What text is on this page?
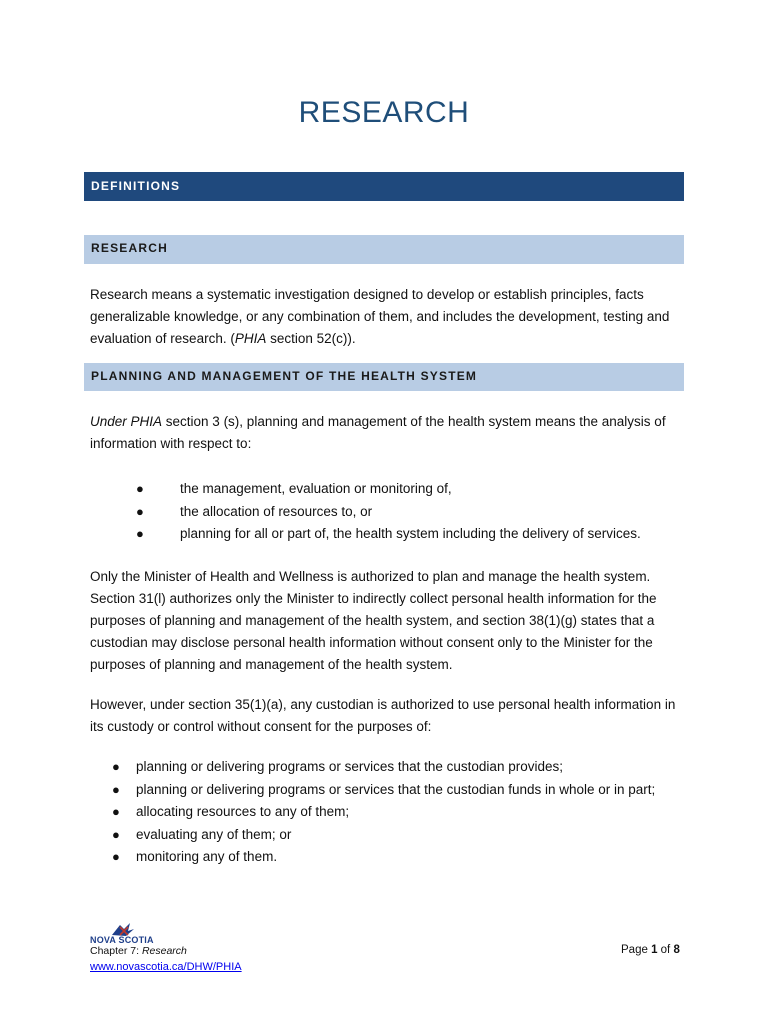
RESEARCH
DEFINITIONS
RESEARCH

Research means a systematic investigation designed to develop or establish principles, facts generalizable knowledge, or any combination of them, and includes the development, testing and evaluation of research. (PHIA section 52(c)).

PLANNING AND MANAGEMENT OF THE HEALTH SYSTEM

Under PHIA section 3 (s), planning and management of the health system means the analysis of information with respect to:

●	the management, evaluation or monitoring of,
●	the allocation of resources to, or
●	planning for all or part of, the health system including the delivery of services.

Only the Minister of Health and Wellness is authorized to plan and manage the health system. Section 31(l) authorizes only the Minister to indirectly collect personal health information for the purposes of planning and management of the health system, and section 38(1)(g) states that a custodian may disclose personal health information without consent only to the Minister for the purposes of planning and management of the health system.

However, under section 35(1)(a), any custodian is authorized to use personal health information in its custody or control without consent for the purposes of:

● planning or delivering programs or services that the custodian provides;
● planning or delivering programs or services that the custodian funds in whole or in part;
● allocating resources to any of them;
● evaluating any of them; or
● monitoring any of them.
NOVA SCOTIA
Chapter 7: Research
www.novascotia.ca/DHW/PHIA
Page 1 of 8
